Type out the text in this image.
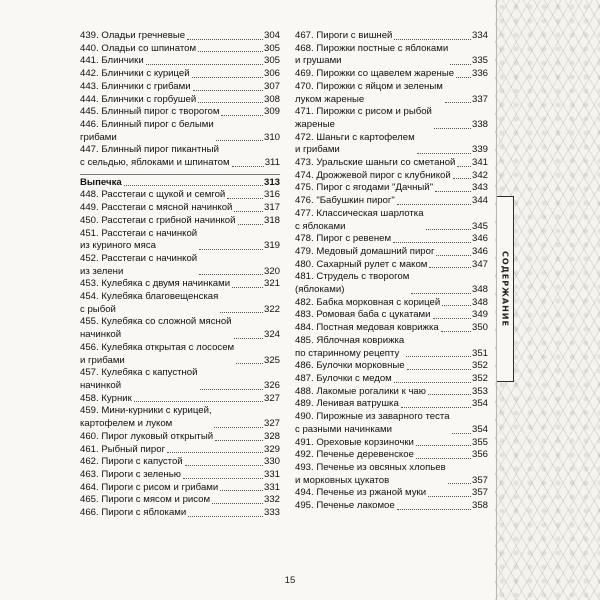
СОДЕРЖАНИЕ
439. Оладьи гречневые	304
440. Оладьи со шпинатом	305
441. Блинчики	305
442. Блинчики с курицей	306
443. Блинчики с грибами	307
444. Блинчики с горбушей	308
445. Блинный пирог с творогом	309
446. Блинный пирог с белыми
грибами	310
447. Блинный пирог пикантный
с сельдью, яблоками и шпинатом	311
Выпечка	313
448. Расстегаи с щукой и семгой	316
449. Расстегаи с мясной начинкой	317
450. Расстегаи с грибной начинкой	318
451. Расстегаи с начинкой
из куриного мяса	319
452. Расстегаи с начинкой
из зелени	320
453. Кулебяка с двумя начинками	321
454. Кулебяка благовещенская
с рыбой	322
455. Кулебяка со сложной мясной
начинкой	324
456. Кулебяка открытая с лососем
и грибами	325
457. Кулебяка с капустной
начинкой	326
458. Курник	327
459. Мини-курники с курицей,
картофелем и луком	327
460. Пирог луковый открытый	328
461. Рыбный пирог	329
462. Пироги с капустой	330
463. Пироги с зеленью	331
464. Пироги с рисом и грибами	331
465. Пироги с мясом и рисом	332
466. Пироги с яблоками	333
467. Пироги с вишней	334
468. Пирожки постные с яблоками
и грушами	335
469. Пирожки со щавелем жареные 336
470. Пирожки с яйцом и зеленым
луком жареные	337
471. Пирожки с рисом и рыбой
жареные	338
472. Шаньги с картофелем
и грибами	339
473. Уральские шаньги со сметаной 341
474. Дрожжевой пирог с клубникой 342
475. Пирог с ягодами "Дачный"	343
476. "Бабушкин пирог"	344
477. Классическая шарлотка
с яблоками	345
478. Пирог с ревенем	346
479. Медовый домашний пирог	346
480. Сахарный рулет с маком	347
481. Струдель с творогом
(яблоками)	348
482. Бабка морковная с корицей	348
483. Ромовая баба с цукатами	349
484. Постная медовая коврижка	350
485. Яблочная коврижка
по старинному рецепту	351
486. Булочки морковные	352
487. Булочки с медом	352
488. Лакомые рогалики к чаю	353
489. Ленивая ватрушка	354
490. Пирожные из заварного теста
с разными начинками	354
491. Ореховые корзиночки	355
492. Печенье деревенское	356
493. Печенье из овсяных хлопьев
и морковных цукатов	357
494. Печенье из ржаной муки	357
495. Печенье лакомое	358
15
